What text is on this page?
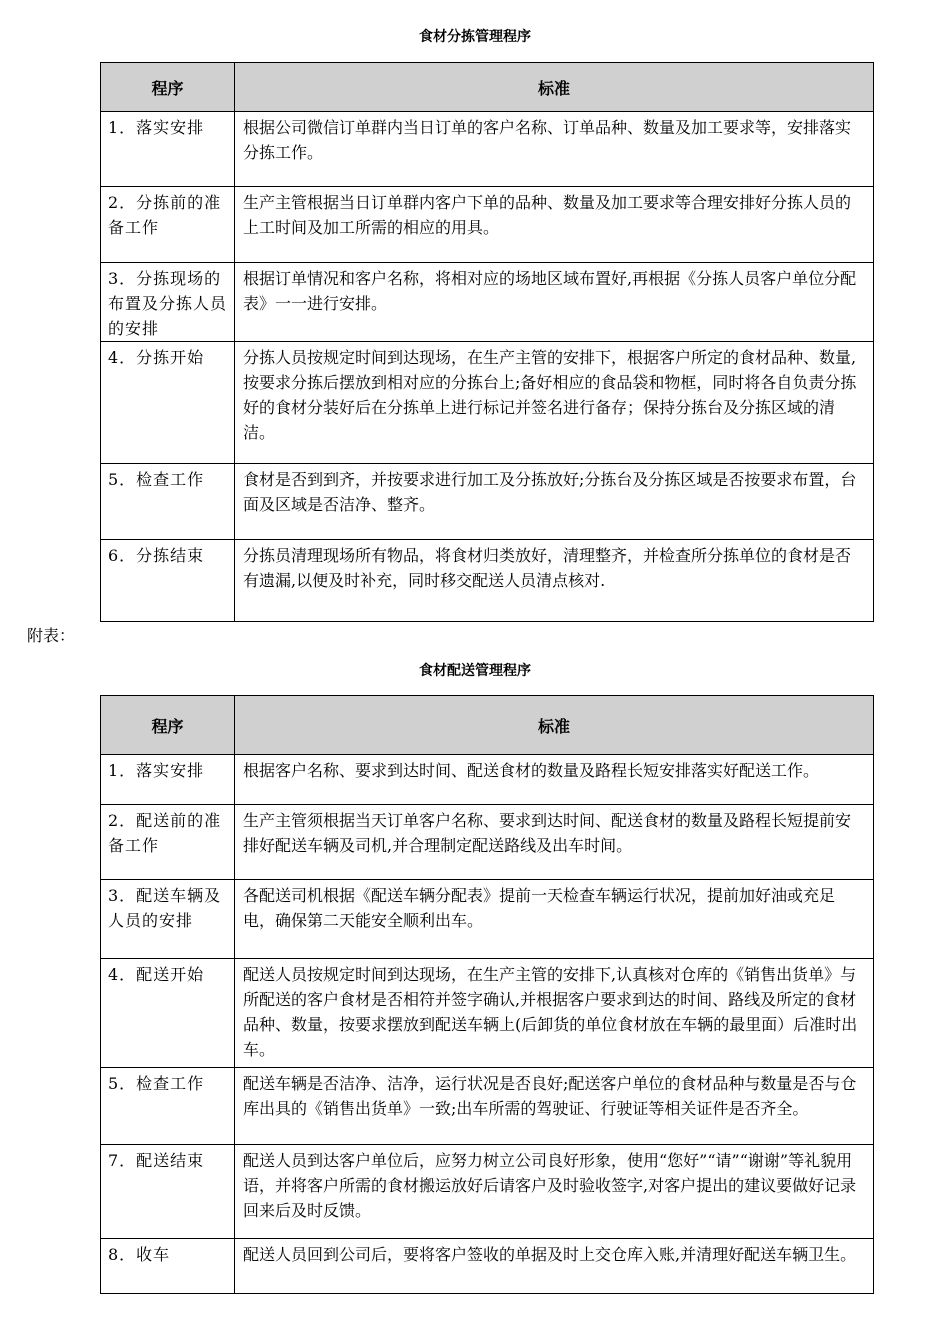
食材分拣管理程序
程序	标准
1．落实安排	根据公司微信订单群内当日订单的客户名称、订单品种、数量及加工要求等，安排落实分拣工作。
2．分拣前的准备工作	生产主管根据当日订单群内客户下单的品种、数量及加工要求等合理安排好分拣人员的上工时间及加工所需的相应的用具。
3．分拣现场的布置及分拣人员的安排	根据订单情况和客户名称，将相对应的场地区域布置好,再根据《分拣人员客户单位分配表》一一进行安排。
4．分拣开始	分拣人员按规定时间到达现场，在生产主管的安排下，根据客户所定的食材品种、数量,按要求分拣后摆放到相对应的分拣台上;备好相应的食品袋和物框，同时将各自负责分拣好的食材分装好后在分拣单上进行标记并签名进行备存；保持分拣台及分拣区域的清洁。
5．检查工作	食材是否到到齐，并按要求进行加工及分拣放好;分拣台及分拣区域是否按要求布置，台面及区域是否洁净、整齐。
6．分拣结束	分拣员清理现场所有物品，将食材归类放好，清理整齐，并检查所分拣单位的食材是否有遗漏,以便及时补充，同时移交配送人员清点核对.
附表：
食材配送管理程序
程序	标准
1．落实安排	根据客户名称、要求到达时间、配送食材的数量及路程长短安排落实好配送工作。
2．配送前的准备工作	生产主管须根据当天订单客户名称、要求到达时间、配送食材的数量及路程长短提前安排好配送车辆及司机,并合理制定配送路线及出车时间。
3．配送车辆及人员的安排	各配送司机根据《配送车辆分配表》提前一天检查车辆运行状况，提前加好油或充足电，确保第二天能安全顺利出车。
4．配送开始	配送人员按规定时间到达现场，在生产主管的安排下,认真核对仓库的《销售出货单》与所配送的客户食材是否相符并签字确认,并根据客户要求到达的时间、路线及所定的食材品种、数量，按要求摆放到配送车辆上(后卸货的单位食材放在车辆的最里面）后准时出车。
5．检查工作	配送车辆是否洁净、洁净，运行状况是否良好;配送客户单位的食材品种与数量是否与仓库出具的《销售出货单》一致;出车所需的驾驶证、行驶证等相关证件是否齐全。
7．配送结束	配送人员到达客户单位后，应努力树立公司良好形象，使用“您好”“请”“谢谢”等礼貌用语，并将客户所需的食材搬运放好后请客户及时验收签字,对客户提出的建议要做好记录回来后及时反馈。
8．收车	配送人员回到公司后，要将客户签收的单据及时上交仓库入账,并清理好配送车辆卫生。
